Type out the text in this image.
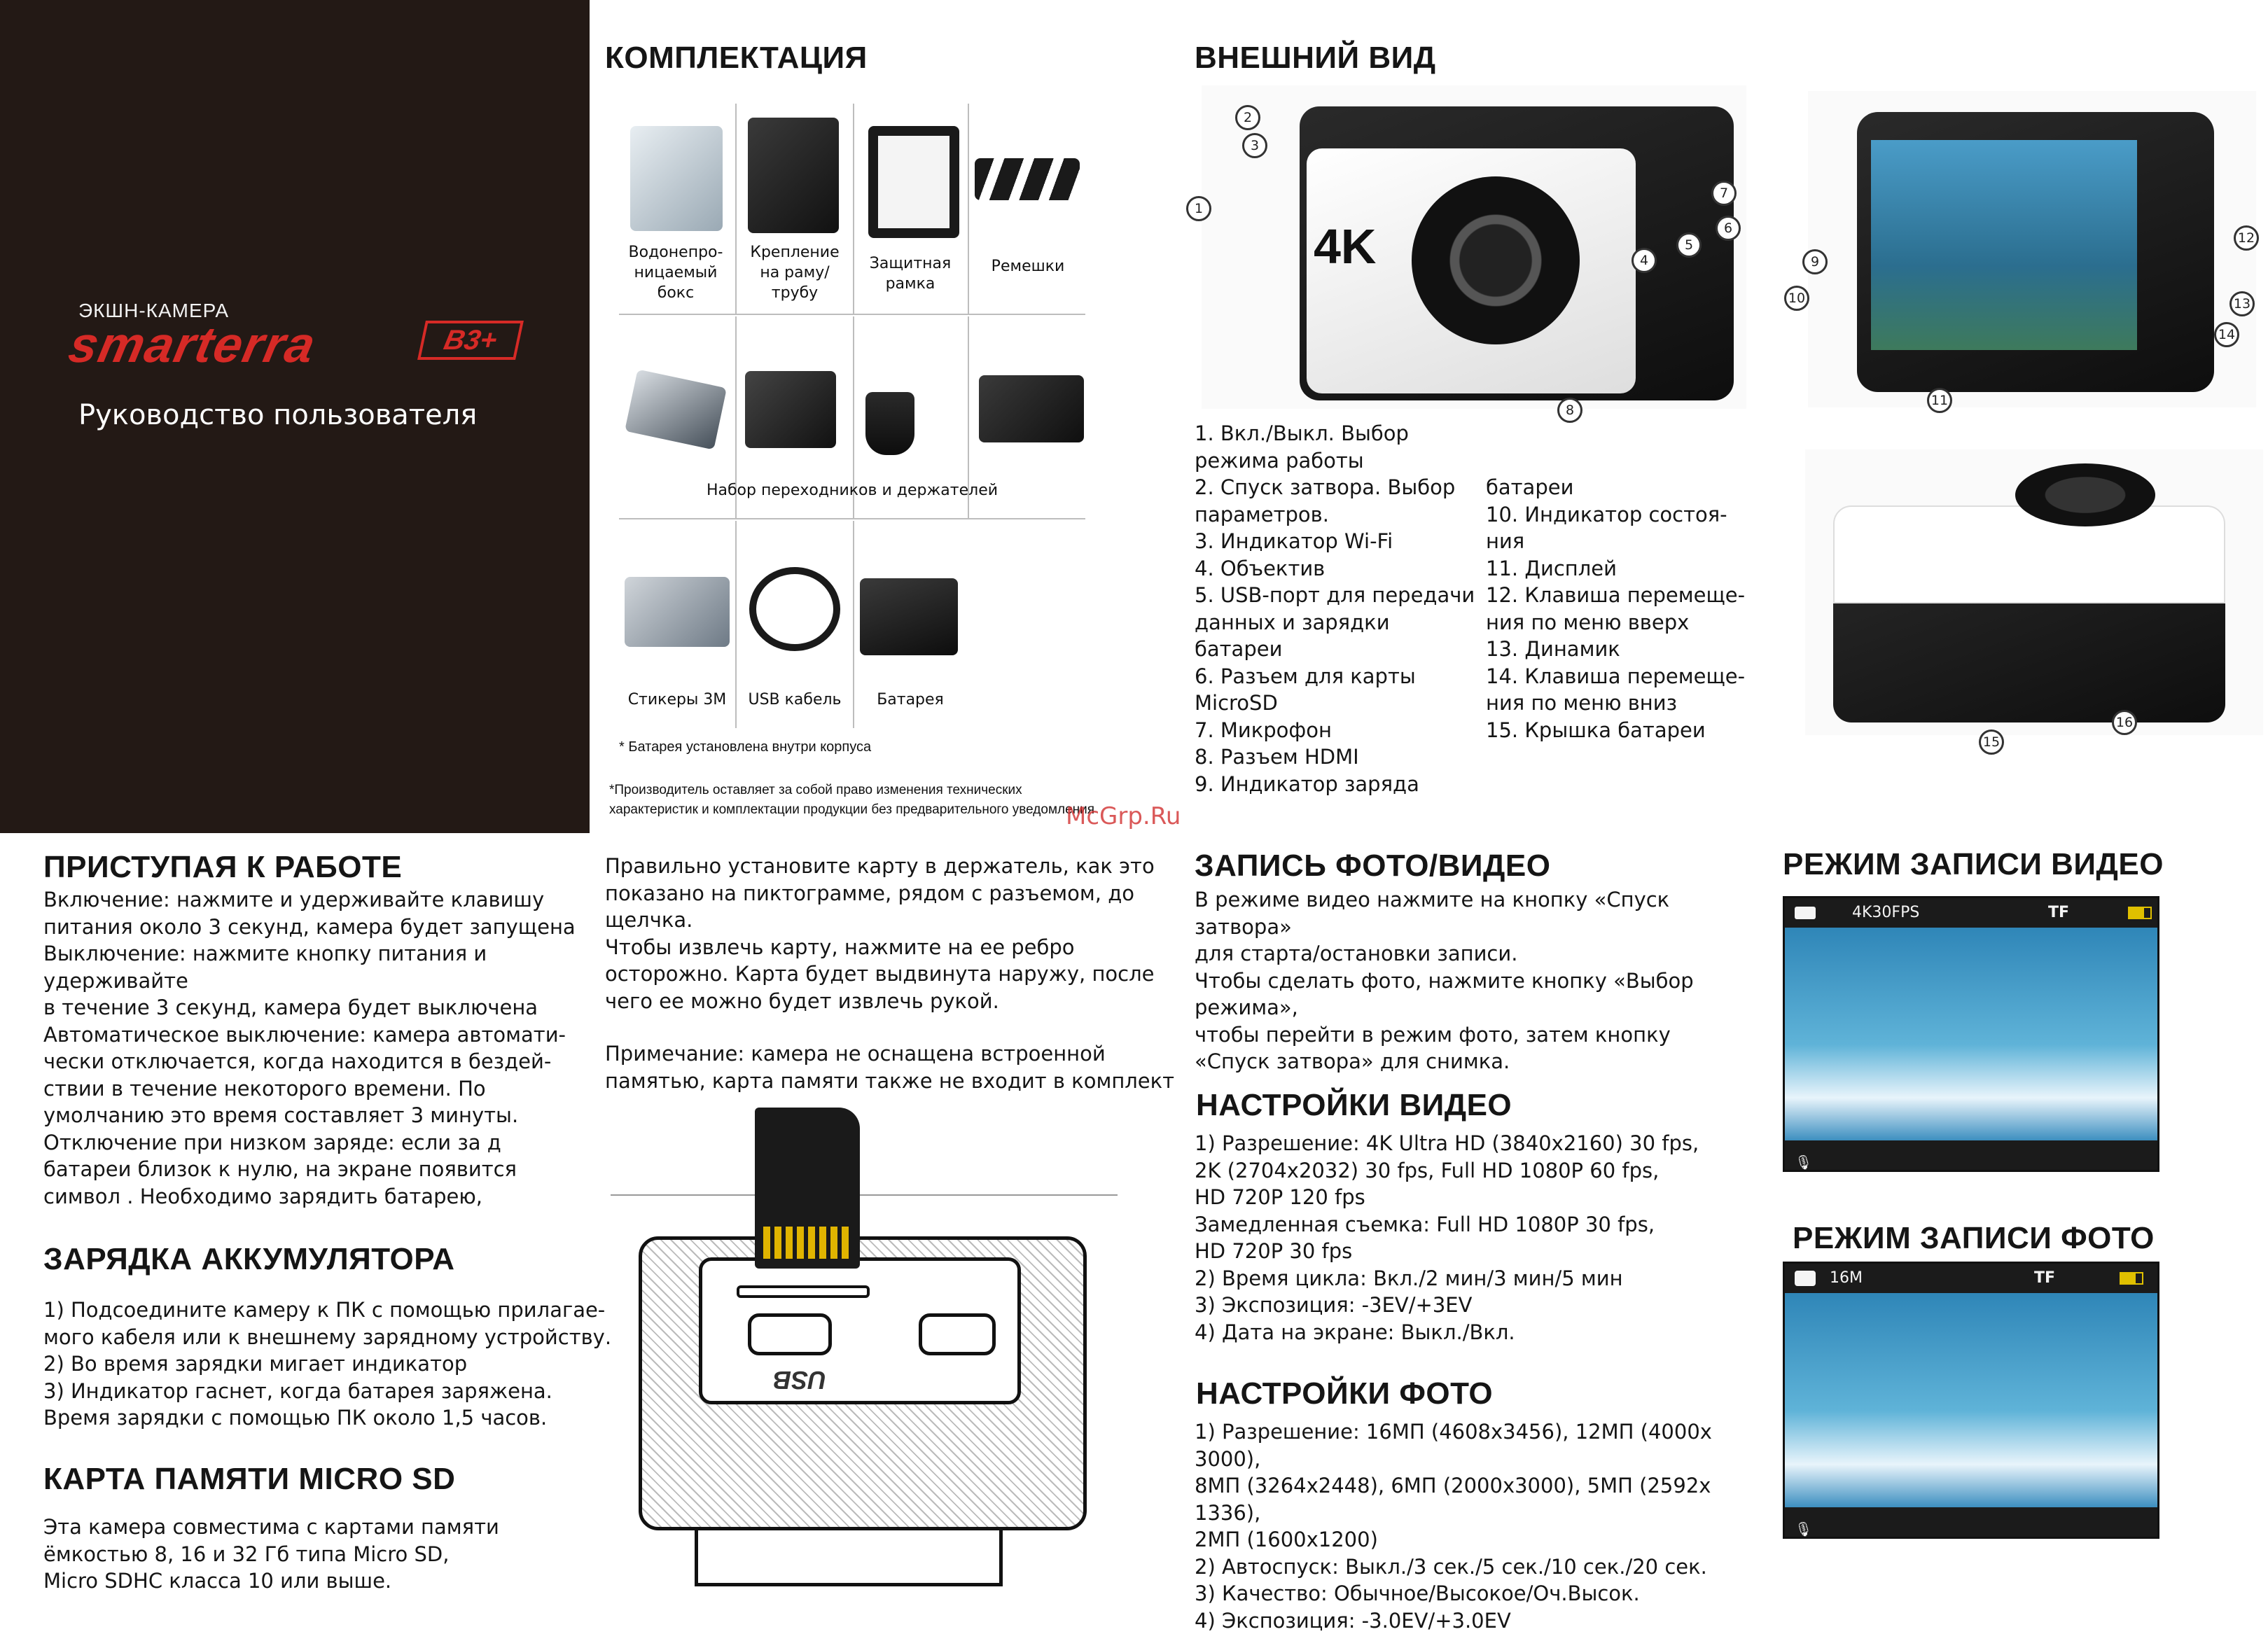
ЭКШН-КАМЕРА
smarterra	B3+
Руководство пользователя
КОМПЛЕКТАЦИЯ
Водонепро-
ницаемый
бокс
Крепление
на раму/
трубу
Защитная
рамка
Ремешки
Набор переходников и держателей
Стикеры 3M	USB кабель	Батарея
* Батарея установлена внутри корпуса
*Производитель оставляет за собой право изменения технических
характеристик и комплектации продукции без предварительного уведомления
McGrp.Ru
ВНЕШНИЙ ВИД
4K
1
2
3
4
5
6
7
8
9
10
11
12
13
14
15
16
1. Вкл./Выкл. Выбор
режима работы
2. Спуск затвора. Выбор
параметров.
3. Индикатор Wi-Fi
4. Объектив
5. USB-порт для передачи
данных и зарядки
батареи
6. Разъем для карты
MicroSD
7. Микрофон
8. Разъем HDMI
9. Индикатор заряда
батареи
10. Индикатор состоя-
ния
11. Дисплей
12. Клавиша перемеще-
ния по меню вверх
13. Динамик
14. Клавиша перемеще-
ния по меню вниз
15. Крышка батареи
ПРИСТУПАЯ К РАБОТЕ
Включение: нажмите и удерживайте клавишу
питания около 3 секунд, камера будет запущена
Выключение: нажмите кнопку питания и
удерживайте
в течение 3 секунд, камера будет выключена
Автоматическое выключение: камера автомати-
чески отключается, когда находится в бездей-
ствии в течение некоторого времени. По
умолчанию это время составляет 3 минуты.
Отключение при низком заряде: если за д
батареи близок к нулю, на экране появится
символ . Необходимо зарядить батарею,
ЗАРЯДКА АККУМУЛЯТОРА
1) Подсоедините камеру к ПК с помощью прилагае-
мого кабеля или к внешнему зарядному устройству.
2) Во время зарядки мигает индикатор
3) Индикатор гаснет, когда батарея заряжена.
Время зарядки с помощью ПК около 1,5 часов.
КАРТА ПАМЯТИ MICRO SD
Эта камера совместима с картами памяти
ёмкостью 8, 16 и 32 Гб типа Micro SD,
Micro SDHC класса 10 или выше.
Правильно установите карту в держатель, как это
показано на пиктограмме, рядом с разъемом, до
щелчка.
Чтобы извлечь карту, нажмите на ее ребро
осторожно. Карта будет выдвинута наружу, после
чего ее можно будет извлечь рукой.
Примечание: камера не оснащена встроенной
памятью, карта памяти также не входит в комплект
USB
ЗАПИСЬ ФОТО/ВИДЕО
В режиме видео нажмите на кнопку «Спуск
затвора»
для старта/остановки записи.
Чтобы сделать фото, нажмите кнопку «Выбор
режима»,
чтобы перейти в режим фото, затем кнопку
«Спуск затвора» для снимка.
НАСТРОЙКИ ВИДЕО
1) Разрешение: 4K Ultra HD (3840x2160) 30 fps,
2K (2704x2032) 30 fps, Full HD 1080P 60 fps,
HD 720P 120 fps
Замедленная съемка: Full HD 1080P 30 fps,
HD 720P 30 fps
2) Время цикла: Вкл./2 мин/3 мин/5 мин
3) Экспозиция: -3EV/+3EV
4) Дата на экране: Выкл./Вкл.
НАСТРОЙКИ ФОТО
1) Разрешение: 16МП (4608x3456), 12МП (4000x
3000),
8МП (3264x2448), 6МП (2000x3000), 5МП (2592x
1336),
2МП (1600x1200)
2) Автоспуск: Выкл./3 сек./5 сек./10 сек./20 сек.
3) Качество: Обычное/Высокое/Оч.Высок.
4) Экспозиция: -3.0EV/+3.0EV
РЕЖИМ ЗАПИСИ ВИДЕО
4K30FPS	TF
🎙
РЕЖИМ ЗАПИСИ ФОТО
16M	TF
🎙
